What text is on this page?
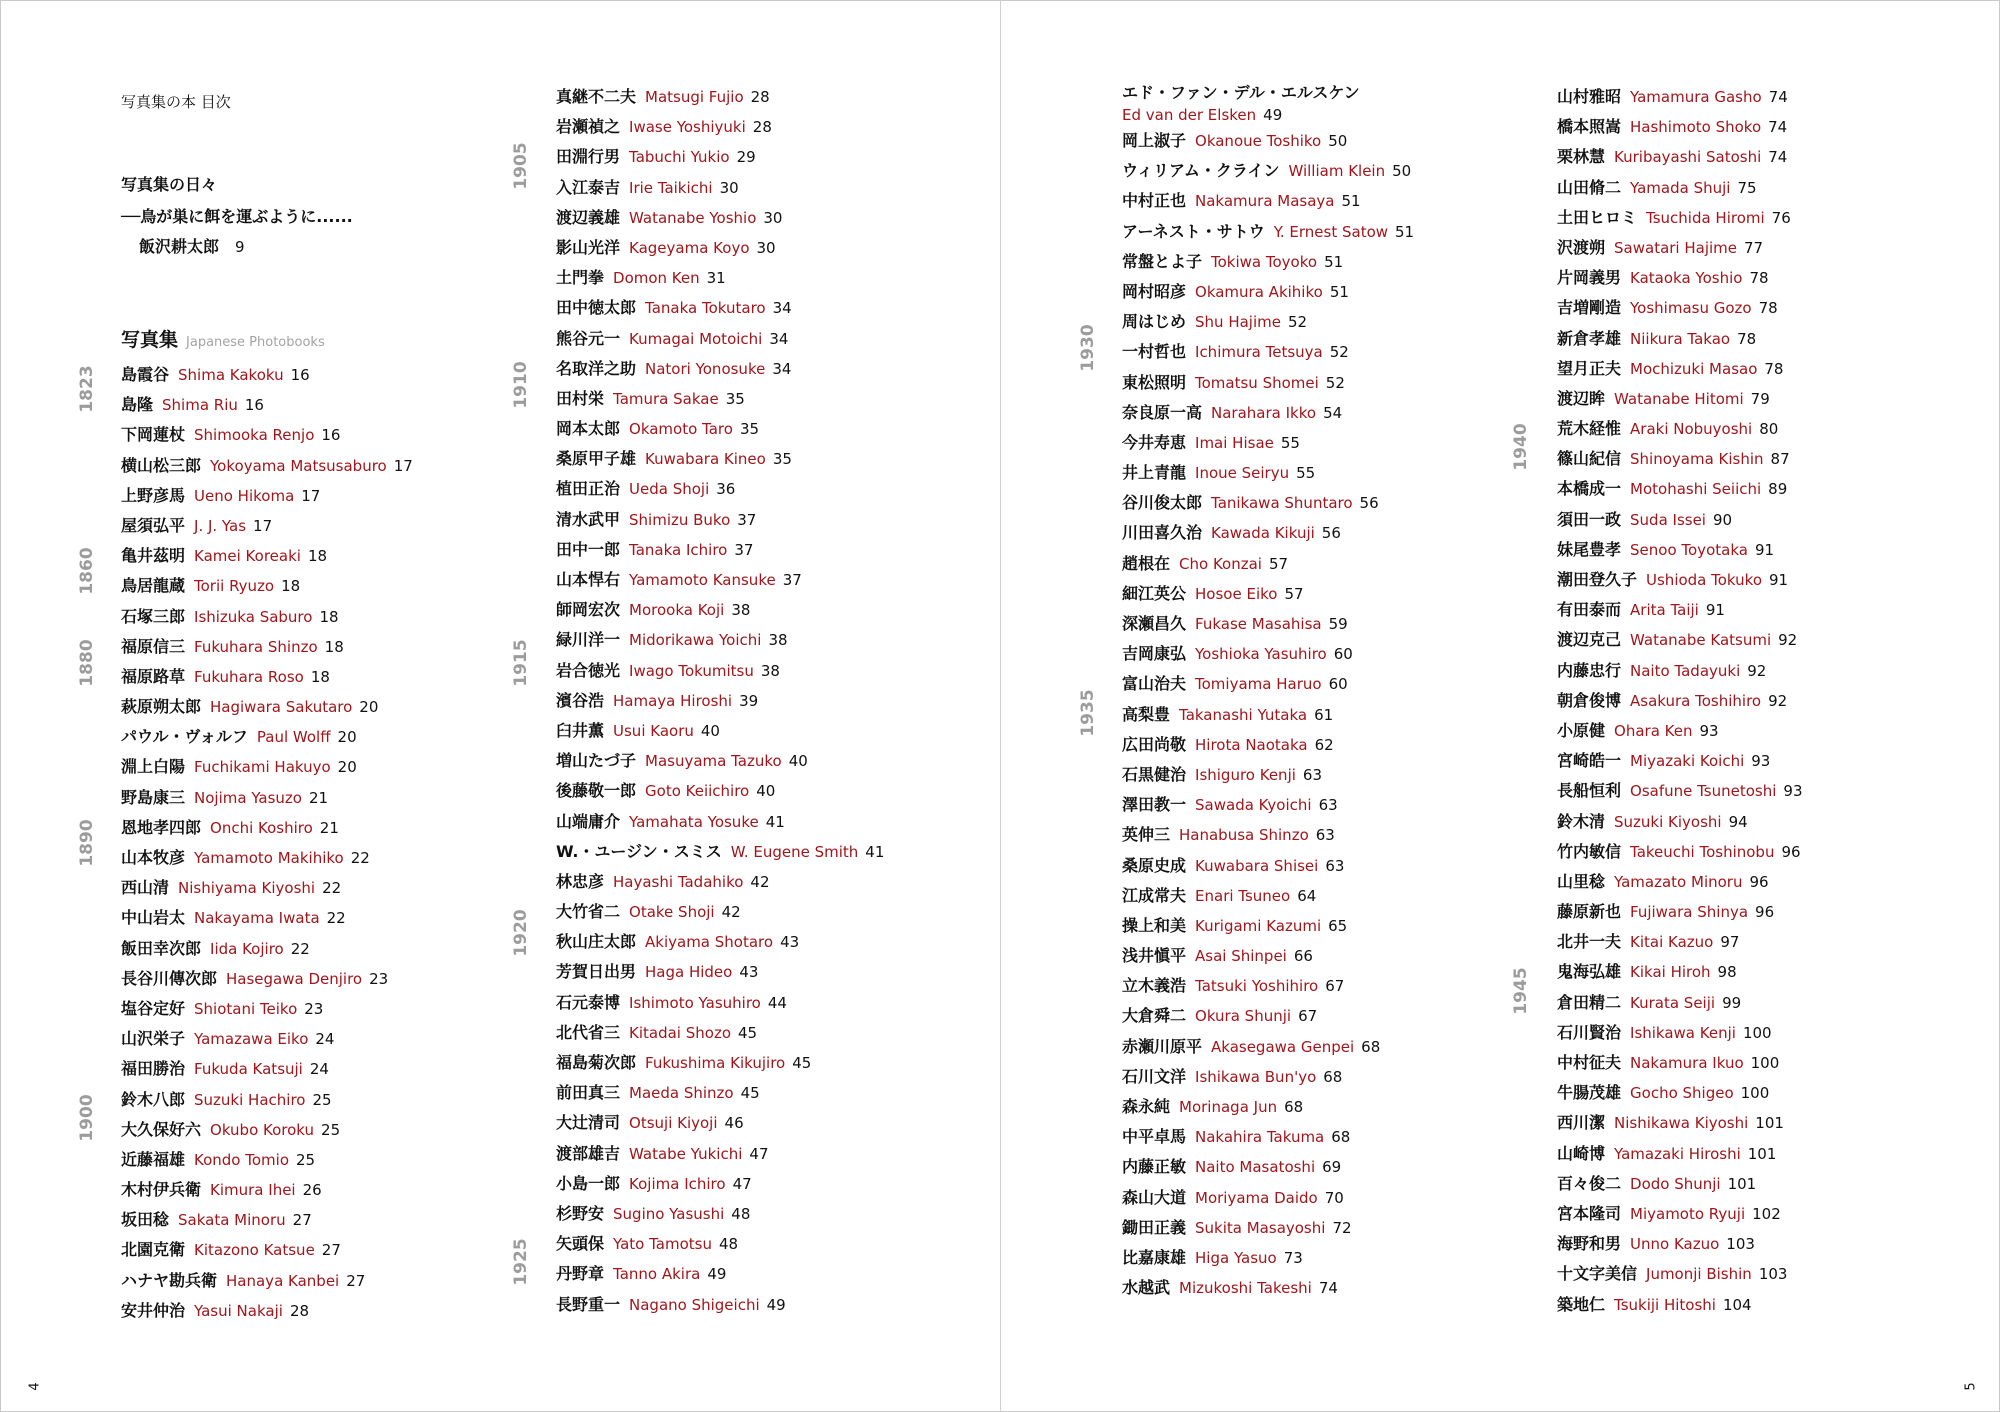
写真集の本 目次
写真集の日々
──鳥が巣に餌を運ぶように......
飯沢耕太郎 9
写真集 Japanese Photobooks
島霞谷 Shima Kakoku 16
島隆 Shima Riu 16
下岡蓮杖 Shimooka Renjo 16
横山松三郎 Yokoyama Matsusaburo 17
上野彦馬 Ueno Hikoma 17
屋須弘平 J. J. Yas 17
亀井茲明 Kamei Koreaki 18
鳥居龍蔵 Torii Ryuzo 18
石塚三郎 Ishizuka Saburo 18
福原信三 Fukuhara Shinzo 18
福原路草 Fukuhara Roso 18
萩原朔太郎 Hagiwara Sakutaro 20
パウル・ヴォルフ Paul Wolff 20
淵上白陽 Fuchikami Hakuyo 20
野島康三 Nojima Yasuzo 21
恩地孝四郎 Onchi Koshiro 21
山本牧彦 Yamamoto Makihiko 22
西山清 Nishiyama Kiyoshi 22
中山岩太 Nakayama Iwata 22
飯田幸次郎 Iida Kojiro 22
長谷川傳次郎 Hasegawa Denjiro 23
塩谷定好 Shiotani Teiko 23
山沢栄子 Yamazawa Eiko 24
福田勝治 Fukuda Katsuji 24
鈴木八郎 Suzuki Hachiro 25
大久保好六 Okubo Koroku 25
近藤福雄 Kondo Tomio 25
木村伊兵衛 Kimura Ihei 26
坂田稔 Sakata Minoru 27
北園克衛 Kitazono Katsue 27
ハナヤ勘兵衛 Hanaya Kanbei 27
安井仲治 Yasui Nakaji 28
真継不二夫 Matsugi Fujio 28
岩瀬禎之 Iwase Yoshiyuki 28
田淵行男 Tabuchi Yukio 29
入江泰吉 Irie Taikichi 30
渡辺義雄 Watanabe Yoshio 30
影山光洋 Kageyama Koyo 30
土門拳 Domon Ken 31
田中徳太郎 Tanaka Tokutaro 34
熊谷元一 Kumagai Motoichi 34
名取洋之助 Natori Yonosuke 34
田村栄 Tamura Sakae 35
岡本太郎 Okamoto Taro 35
桑原甲子雄 Kuwabara Kineo 35
植田正治 Ueda Shoji 36
清水武甲 Shimizu Buko 37
田中一郎 Tanaka Ichiro 37
山本悍右 Yamamoto Kansuke 37
師岡宏次 Morooka Koji 38
緑川洋一 Midorikawa Yoichi 38
岩合徳光 Iwago Tokumitsu 38
濱谷浩 Hamaya Hiroshi 39
臼井薫 Usui Kaoru 40
増山たづ子 Masuyama Tazuko 40
後藤敬一郎 Goto Keiichiro 40
山端庸介 Yamahata Yosuke 41
W.・ユージン・スミス W. Eugene Smith 41
林忠彦 Hayashi Tadahiko 42
大竹省二 Otake Shoji 42
秋山庄太郎 Akiyama Shotaro 43
芳賀日出男 Haga Hideo 43
石元泰博 Ishimoto Yasuhiro 44
北代省三 Kitadai Shozo 45
福島菊次郎 Fukushima Kikujiro 45
前田真三 Maeda Shinzo 45
大辻清司 Otsuji Kiyoji 46
渡部雄吉 Watabe Yukichi 47
小島一郎 Kojima Ichiro 47
杉野安 Sugino Yasushi 48
矢頭保 Yato Tamotsu 48
丹野章 Tanno Akira 49
長野重一 Nagano Shigeichi 49
1823
1860
1880
1890
1900
1905
1910
1915
1920
1925
4
エド・ファン・デル・エルスケン
Ed van der Elsken 49
岡上淑子 Okanoue Toshiko 50
ウィリアム・クライン William Klein 50
中村正也 Nakamura Masaya 51
アーネスト・サトウ Y. Ernest Satow 51
常盤とよ子 Tokiwa Toyoko 51
岡村昭彦 Okamura Akihiko 51
周はじめ Shu Hajime 52
一村哲也 Ichimura Tetsuya 52
東松照明 Tomatsu Shomei 52
奈良原一高 Narahara Ikko 54
今井寿恵 Imai Hisae 55
井上青龍 Inoue Seiryu 55
谷川俊太郎 Tanikawa Shuntaro 56
川田喜久治 Kawada Kikuji 56
趙根在 Cho Konzai 57
細江英公 Hosoe Eiko 57
深瀬昌久 Fukase Masahisa 59
吉岡康弘 Yoshioka Yasuhiro 60
富山治夫 Tomiyama Haruo 60
高梨豊 Takanashi Yutaka 61
広田尚敬 Hirota Naotaka 62
石黒健治 Ishiguro Kenji 63
澤田教一 Sawada Kyoichi 63
英伸三 Hanabusa Shinzo 63
桑原史成 Kuwabara Shisei 63
江成常夫 Enari Tsuneo 64
操上和美 Kurigami Kazumi 65
浅井愼平 Asai Shinpei 66
立木義浩 Tatsuki Yoshihiro 67
大倉舜二 Okura Shunji 67
赤瀬川原平 Akasegawa Genpei 68
石川文洋 Ishikawa Bun'yo 68
森永純 Morinaga Jun 68
中平卓馬 Nakahira Takuma 68
内藤正敏 Naito Masatoshi 69
森山大道 Moriyama Daido 70
鋤田正義 Sukita Masayoshi 72
比嘉康雄 Higa Yasuo 73
水越武 Mizukoshi Takeshi 74
山村雅昭 Yamamura Gasho 74
橋本照嵩 Hashimoto Shoko 74
栗林慧 Kuribayashi Satoshi 74
山田脩二 Yamada Shuji 75
土田ヒロミ Tsuchida Hiromi 76
沢渡朔 Sawatari Hajime 77
片岡義男 Kataoka Yoshio 78
吉増剛造 Yoshimasu Gozo 78
新倉孝雄 Niikura Takao 78
望月正夫 Mochizuki Masao 78
渡辺眸 Watanabe Hitomi 79
荒木経惟 Araki Nobuyoshi 80
篠山紀信 Shinoyama Kishin 87
本橋成一 Motohashi Seiichi 89
須田一政 Suda Issei 90
妹尾豊孝 Senoo Toyotaka 91
潮田登久子 Ushioda Tokuko 91
有田泰而 Arita Taiji 91
渡辺克己 Watanabe Katsumi 92
内藤忠行 Naito Tadayuki 92
朝倉俊博 Asakura Toshihiro 92
小原健 Ohara Ken 93
宮崎皓一 Miyazaki Koichi 93
長船恒利 Osafune Tsunetoshi 93
鈴木清 Suzuki Kiyoshi 94
竹内敏信 Takeuchi Toshinobu 96
山里稔 Yamazato Minoru 96
藤原新也 Fujiwara Shinya 96
北井一夫 Kitai Kazuo 97
鬼海弘雄 Kikai Hiroh 98
倉田精二 Kurata Seiji 99
石川賢治 Ishikawa Kenji 100
中村征夫 Nakamura Ikuo 100
牛腸茂雄 Gocho Shigeo 100
西川潔 Nishikawa Kiyoshi 101
山崎博 Yamazaki Hiroshi 101
百々俊二 Dodo Shunji 101
宮本隆司 Miyamoto Ryuji 102
海野和男 Unno Kazuo 103
十文字美信 Jumonji Bishin 103
築地仁 Tsukiji Hitoshi 104
1930
1935
1940
1945
5
